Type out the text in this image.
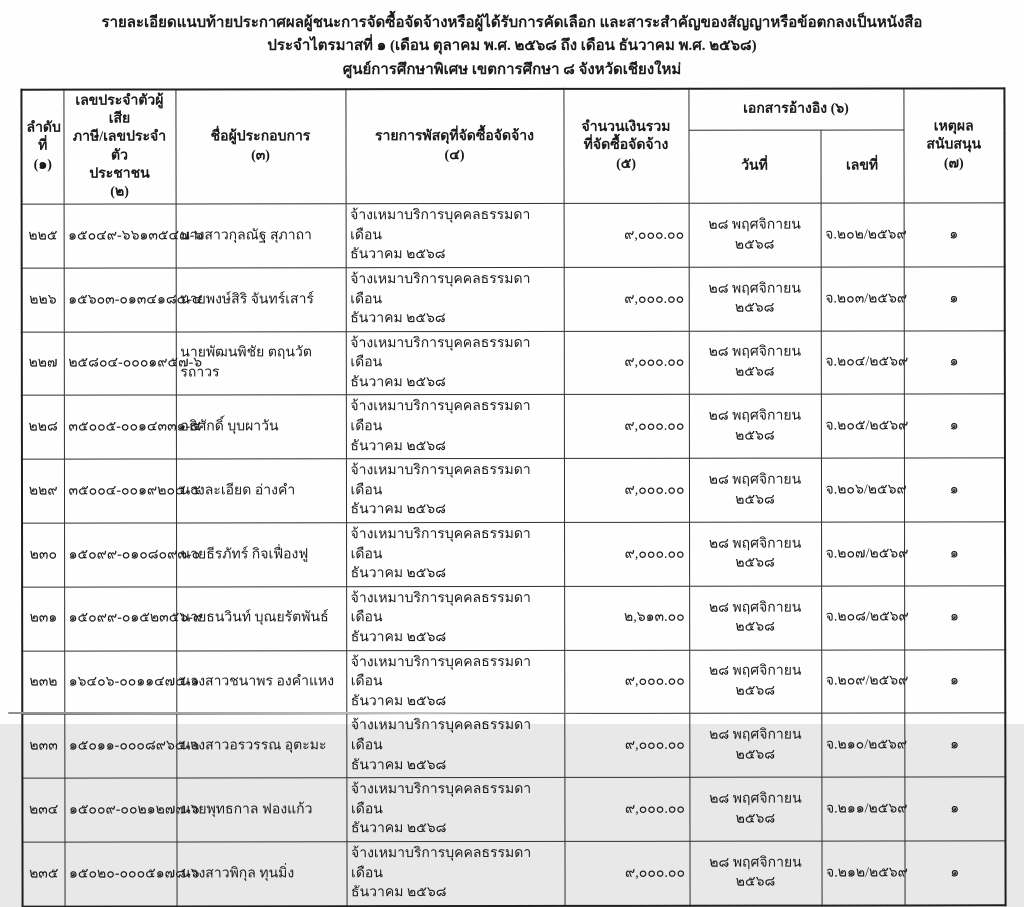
รายละเอียดแนบท้ายประกาศผลผู้ชนะการจัดซื้อจัดจ้างหรือผู้ได้รับการคัดเลือก และสาระสำคัญของสัญญาหรือข้อตกลงเป็นหนังสือ
ประจำไตรมาสที่ ๑ (เดือน ตุลาคม พ.ศ. ๒๕๖๘ ถึง เดือน ธันวาคม พ.ศ. ๒๕๖๘)
ศูนย์การศึกษาพิเศษ เขตการศึกษา ๘ จังหวัดเชียงใหม่
ลำดับที่
(๑)	เลขประจำตัวผู้เสีย
ภาษี/เลขประจำตัว
ประชาชน
(๒)	ชื่อผู้ประกอบการ
(๓)	รายการพัสดุที่จัดซื้อจัดจ้าง
(๔)	จำนวนเงินรวม
ที่จัดซื้อจัดจ้าง
(๕)	เอกสารอ้างอิง (๖)		เหตุผล
สนับสนุน
(๗)
					วันที่	เลขที่	
๒๒๕	๑๕๐๔๙-๖๖๑๓๕๔๗-๖	นางสาวกุลณัฐ สุภาถา	จ้างเหมาบริการบุคคลธรรมดา เดือน
ธันวาคม ๒๕๖๘	๙,๐๐๐.๐๐	๒๘ พฤศจิกายน ๒๕๖๘	จ.๒๐๒/๒๕๖๙	๑
๒๒๖	๑๕๖๐๓-๐๑๓๔๑๘๕-๔	นายพงษ์สิริ จันทร์เสาร์	จ้างเหมาบริการบุคคลธรรมดา เดือน
ธันวาคม ๒๕๖๘	๙,๐๐๐.๐๐	๒๘ พฤศจิกายน ๒๕๖๘	จ.๒๐๓/๒๕๖๙	๑
๒๒๗	๒๕๘๐๔-๐๐๐๑๙๕๗-๖	นายพัฒนพิชัย ตฤนวัตรถาวร	จ้างเหมาบริการบุคคลธรรมดา เดือน
ธันวาคม ๒๕๖๘	๙,๐๐๐.๐๐	๒๘ พฤศจิกายน ๒๕๖๘	จ.๒๐๔/๒๕๖๙	๑
๒๒๘	๓๕๐๐๕-๐๐๑๔๓๓๑-๕	อธิศักดิ์ บุบผาวัน	จ้างเหมาบริการบุคคลธรรมดา เดือน
ธันวาคม ๒๕๖๘	๙,๐๐๐.๐๐	๒๘ พฤศจิกายน ๒๕๖๘	จ.๒๐๕/๒๕๖๙	๑
๒๒๙	๓๕๐๐๔-๐๐๑๙๒๐๕-๕	นางละเอียด อ่างคำ	จ้างเหมาบริการบุคคลธรรมดา เดือน
ธันวาคม ๒๕๖๘	๙,๐๐๐.๐๐	๒๘ พฤศจิกายน ๒๕๖๘	จ.๒๐๖/๒๕๖๙	๑
๒๓๐	๑๕๐๙๙-๐๑๐๘๐๙๓-๐	นายธีรภัทร์ กิจเฟื่องฟู	จ้างเหมาบริการบุคคลธรรมดา เดือน
ธันวาคม ๒๕๖๘	๙,๐๐๐.๐๐	๒๘ พฤศจิกายน ๒๕๖๘	จ.๒๐๗/๒๕๖๙	๑
๒๓๑	๑๕๐๙๙-๐๑๕๒๓๕๖-๙	นายธนวินท์ บุณยรัตพันธ์	จ้างเหมาบริการบุคคลธรรมดา เดือน
ธันวาคม ๒๕๖๘	๒,๖๑๓.๐๐	๒๘ พฤศจิกายน ๒๕๖๘	จ.๒๐๘/๒๕๖๙	๑
๒๓๒	๑๖๔๐๖-๐๐๑๑๔๗๕-๑	นางสาวชนาพร องคำแหง	จ้างเหมาบริการบุคคลธรรมดา เดือน
ธันวาคม ๒๕๖๘	๙,๐๐๐.๐๐	๒๘ พฤศจิกายน ๒๕๖๘	จ.๒๐๙/๒๕๖๙	๑
๒๓๓	๑๕๐๑๑-๐๐๐๘๙๖๕-๒	นางสาวอรวรรณ อุตะมะ	จ้างเหมาบริการบุคคลธรรมดา เดือน
ธันวาคม ๒๕๖๘	๙,๐๐๐.๐๐	๒๘ พฤศจิกายน ๒๕๖๘	จ.๒๑๐/๒๕๖๙	๑
๒๓๔	๑๕๐๐๙-๐๐๒๑๒๗๗-๖	นายพุทธกาล ฟองแก้ว	จ้างเหมาบริการบุคคลธรรมดา เดือน
ธันวาคม ๒๕๖๘	๙,๐๐๐.๐๐	๒๘ พฤศจิกายน ๒๕๖๘	จ.๒๑๑/๒๕๖๙	๑
๒๓๕	๑๕๐๒๐-๐๐๐๕๑๗๘-๖	นางสาวพิกุล ทุนมิ่ง	จ้างเหมาบริการบุคคลธรรมดา เดือน
ธันวาคม ๒๕๖๘	๙,๐๐๐.๐๐	๒๘ พฤศจิกายน ๒๕๖๘	จ.๒๑๒/๒๕๖๙	๑
